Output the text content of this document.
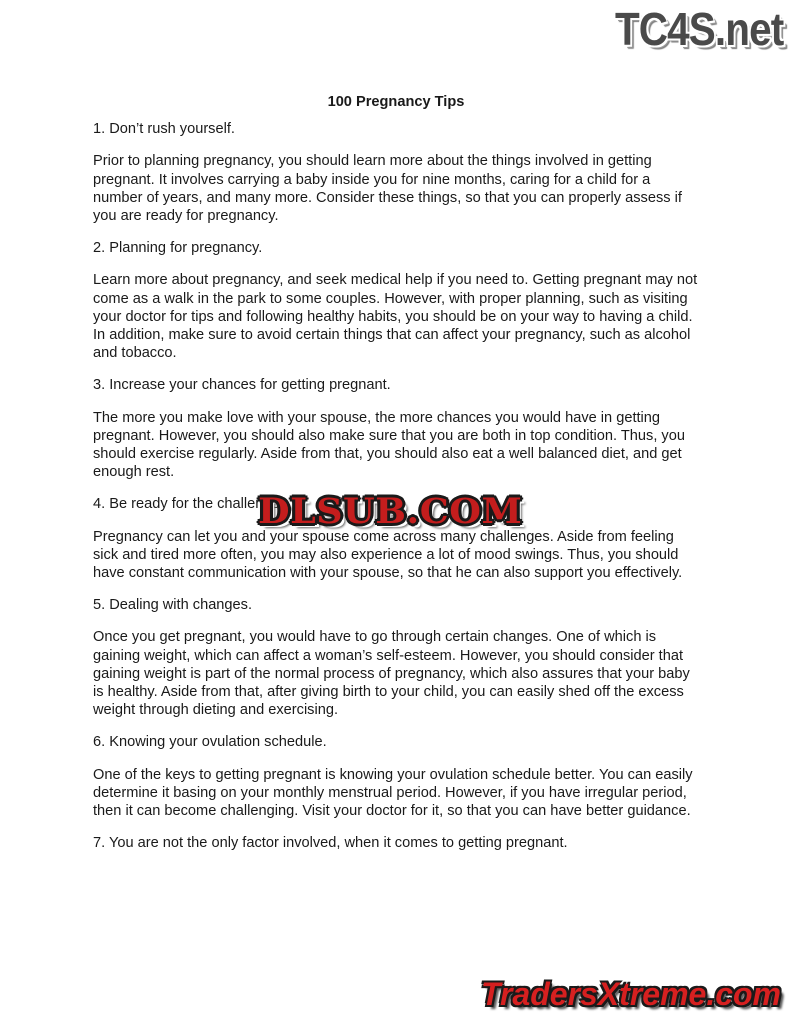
TC4S.net
100 Pregnancy Tips

1. Don’t rush yourself.

Prior to planning pregnancy, you should learn more about the things involved in getting pregnant. It involves carrying a baby inside you for nine months, caring for a child for a number of years, and many more. Consider these things, so that you can properly assess if you are ready for pregnancy.

2. Planning for pregnancy.

Learn more about pregnancy, and seek medical help if you need to. Getting pregnant may not come as a walk in the park to some couples. However, with proper planning, such as visiting your doctor for tips and following healthy habits, you should be on your way to having a child. In addition, make sure to avoid certain things that can affect your pregnancy, such as alcohol and tobacco.

3. Increase your chances for getting pregnant.

The more you make love with your spouse, the more chances you would have in getting pregnant. However, you should also make sure that you are both in top condition. Thus, you should exercise regularly. Aside from that, you should also eat a well balanced diet, and get enough rest.

4. Be ready for the challenges.

Pregnancy can let you and your spouse come across many challenges. Aside from feeling sick and tired more often, you may also experience a lot of mood swings. Thus, you should have constant communication with your spouse, so that he can also support you effectively.

5. Dealing with changes.

Once you get pregnant, you would have to go through certain changes. One of which is gaining weight, which can affect a woman’s self-esteem. However, you should consider that gaining weight is part of the normal process of pregnancy, which also assures that your baby is healthy. Aside from that, after giving birth to your child, you can easily shed off the excess weight through dieting and exercising.

6. Knowing your ovulation schedule.

One of the keys to getting pregnant is knowing your ovulation schedule better. You can easily determine it basing on your monthly menstrual period. However, if you have irregular period, then it can become challenging. Visit your doctor for it, so that you can have better guidance.

7. You are not the only factor involved, when it comes to getting pregnant.

DLSUB.COM
TradersXtreme.com
